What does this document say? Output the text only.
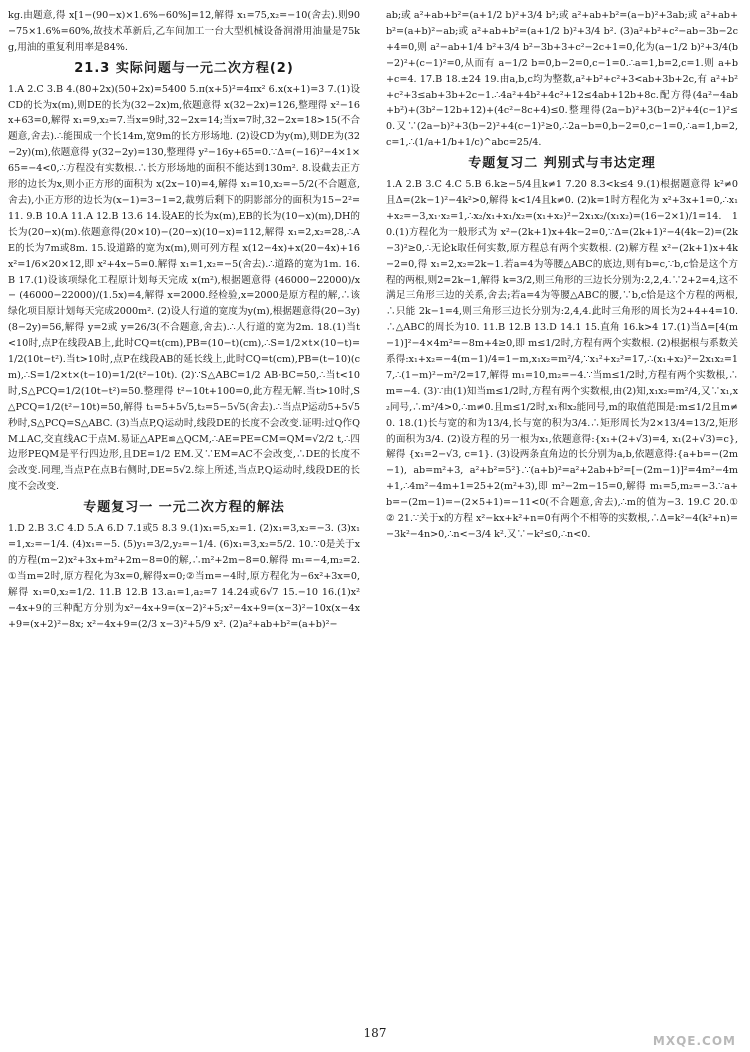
kg.由题意,得 x[1−(90−x)×1.6%−60%]=12,解得 x₁=75,x₂=−10(舍去).则90−75×1.6%=60%,故技术革新后,乙车间加工一台大型机械设备润滑用油量是75kg,用油的重复利用率是84%.

21.3 实际问题与一元二次方程(2)

1.A 2.C 3.B 4.(80+2x)(50+2x)=5400 5.π(x+5)²=4πx² 6.x(x+1)=3 7.(1)设CD的长为x(m),则DE的长为(32−2x)m,依题意得 x(32−2x)=126,整理得 x²−16x+63=0,解得 x₁=9,x₂=7.当x=9时,32−2x=14;当x=7时,32−2x=18>15(不合题意,舍去).∴能围成一个长14m,宽9m的长方形场地. (2)设CD为y(m),则DE为(32−2y)(m),依题意得 y(32−2y)=130,整理得 y²−16y+65=0.∵Δ=(−16)²−4×1×65=−4<0,∴方程没有实数根.∴长方形场地的面积不能达到130m². 8.设截去正方形的边长为x,则小正方形的面积为 x(2x−10)=4,解得 x₁=10,x₂=−5/2(不合题意,舍去),小正方形的边长为(x−1)=3−1=2,裁剪后剩下的阴影部分的面积为15−2²=11. 9.B 10.A 11.A 12.B 13.6 14.设AE的长为x(m),EB的长为(10−x)(m),DH的长为(20−x)(m).依题意得(20×10)−(20−x)(10−x)=112,解得 x₁=2,x₂=28,∴AE的长为7m或8m. 15.设道路的宽为x(m),则可列方程 x(12−4x)+x(20−4x)+16x²=1/6×20×12,即 x²+4x−5=0.解得 x₁=1,x₂=−5(舍去).∴道路的宽为1m. 16.B 17.(1)设该项绿化工程原计划每天完成 x(m²),根据题意得 (46000−22000)/x − (46000−22000)/(1.5x)=4,解得 x=2000.经检验,x=2000是原方程的解,∴该绿化项目原计划每天完成2000m². (2)设人行道的宽度为y(m),根据题意得(20−3y)(8−2y)=56,解得 y=2或 y=26/3(不合题意,舍去).∴人行道的宽为2m. 18.(1)当t<10时,点P在线段AB上,此时CQ=t(cm),PB=(10−t)(cm),∴S=1/2×t×(10−t)=1/2(10t−t²).当t>10时,点P在线段AB的延长线上,此时CQ=t(cm),PB=(t−10)(cm),∴S=1/2×t×(t−10)=1/2(t²−10t). (2)∵S△ABC=1/2 AB·BC=50,∴当t<10时,S△PCQ=1/2(10t−t²)=50.整理得 t²−10t+100=0,此方程无解.当t>10时,S△PCQ=1/2(t²−10t)=50,解得 t₁=5+5√5,t₂=5−5√5(舍去).∴当点P运动5+5√5秒时,S△PCQ=S△ABC. (3)当点P,Q运动时,线段DE的长度不会改变.证明:过Q作QM⊥AC,交直线AC于点M.易证△APE≌△QCM,∴AE=PE=CM=QM=√2/2 t,∴四边形PEQM是平行四边形,且DE=1/2 EM.又∵EM=AC不会改变,∴DE的长度不会改变.同理,当点P在点B右侧时,DE=5√2.综上所述,当点P,Q运动时,线段DE的长度不会改变.

专题复习一 一元二次方程的解法

1.D 2.B 3.C 4.D 5.A 6.D 7.1或5 8.3 9.(1)x₁=5,x₂=1. (2)x₁=3,x₂=−3. (3)x₁=1,x₂=−1/4. (4)x₁=−5. (5)y₁=3/2,y₂=−1/4. (6)x₁=3,x₂=5/2. 10.∵0是关于x的方程(m−2)x²+3x+m²+2m−8=0的解,∴m²+2m−8=0.解得 m₁=−4,m₂=2.①当m=2时,原方程化为3x=0,解得x=0;②当m=−4时,原方程化为−6x²+3x=0,解得 x₁=0,x₂=1/2. 11.B 12.B 13.a₁=1,a₂=7 14.24或6√7 15.−10 16.(1)x²−4x+9的三种配方分别为x²−4x+9=(x−2)²+5;x²−4x+9=(x−3)²−10x(x−4x+9=(x+2)²−8x; x²−4x+9=(2/3 x−3)²+5/9 x². (2)a²+ab+b²=(a+b)²−

ab;或 a²+ab+b²=(a+1/2 b)²+3/4 b²;或 a²+ab+b²=(a−b)²+3ab;或 a²+ab+b²=(a+b)²−ab;或 a²+ab+b²=(a+1/2 b)²+3/4 b². (3)a²+b²+c²−ab−3b−2c+4=0,则 a²−ab+1/4 b²+3/4 b²−3b+3+c²−2c+1=0,化为(a−1/2 b)²+3/4(b−2)²+(c−1)²=0,从而有 a−1/2 b=0,b−2=0,c−1=0.∴a=1,b=2,c=1.则 a+b+c=4. 17.B 18.±24 19.由a,b,c均为整数,a²+b²+c²+3<ab+3b+2c,有 a²+b²+c²+3≤ab+3b+2c−1.∴4a²+4b²+4c²+12≤4ab+12b+8c.配方得(4a²−4ab+b²)+(3b²−12b+12)+(4c²−8c+4)≤0.整理得(2a−b)²+3(b−2)²+4(c−1)²≤0.又∵(2a−b)²+3(b−2)²+4(c−1)²≥0,∴2a−b=0,b−2=0,c−1=0,∴a=1,b=2,c=1,∴(1/a+1/b+1/c)^abc=25/4.

专题复习二 判别式与韦达定理

1.A 2.B 3.C 4.C 5.B 6.k≥−5/4且k≠1 7.20 8.3<k≤4 9.(1)根据题意得 k²≠0且Δ=(2k−1)²−4k²>0,解得 k<1/4且k≠0. (2)k=1时方程化为 x²+3x+1=0,∴x₁+x₂=−3,x₁·x₂=1,∴x₂/x₁+x₁/x₂=(x₁+x₂)²−2x₁x₂/(x₁x₂)=(16−2×1)/1=14. 10.(1)方程化为一般形式为 x²−(2k+1)x+4k−2=0,∵Δ=(2k+1)²−4(4k−2)=(2k−3)²≥0,∴无论k取任何实数,原方程总有两个实数根. (2)解方程 x²−(2k+1)x+4k−2=0,得 x₁=2,x₂=2k−1.若a=4为等腰△ABC的底边,则有b=c,∵b,c恰是这个方程的两根,则2=2k−1,解得 k=3/2,则三角形的三边长分别为:2,2,4.∵2+2=4,这不满足三角形三边的关系,舍去;若a=4为等腰△ABC的腰,∵b,c恰是这个方程的两根,∴只能 2k−1=4,则三角形三边长分别为:2,4,4.此时三角形的周长为2+4+4=10.∴△ABC的周长为10. 11.B 12.B 13.D 14.1 15.直角 16.k>4 17.(1)当Δ=[4(m−1)]²−4×4m²=−8m+4≥0,即 m≤1/2时,方程有两个实数根. (2)根据根与系数关系得:x₁+x₂=−4(m−1)/4=1−m,x₁x₂=m²/4,∵x₁²+x₂²=17,∴(x₁+x₂)²−2x₁x₂=17,∴(1−m)²−m²/2=17,解得 m₁=10,m₂=−4.∵当m≤1/2时,方程有两个实数根,∴m=−4. (3)∵由(1)知当m≤1/2时,方程有两个实数根,由(2)知,x₁x₂=m²/4,又∵x₁,x₂同号,∴m²/4>0,∴m≠0.且m≤1/2时,x₁和x₂能同号,m的取值范围是:m≤1/2且m≠0. 18.(1)长与宽的和为13/4,长与宽的积为3/4.∴矩形周长为2×13/4=13/2,矩形的面积为3/4. (2)设方程的另一根为x₁,依题意得:{x₁+(2+√3)=4, x₁(2+√3)=c},解得 {x₁=2−√3, c=1}. (3)设两条直角边的长分别为a,b,依题意得:{a+b=−(2m−1), ab=m²+3, a²+b²=5²}.∵(a+b)²=a²+2ab+b²=[−(2m−1)]²=4m²−4m+1,∴4m²−4m+1=25+2(m²+3),即 m²−2m−15=0,解得 m₁=5,m₂=−3.∵a+b=−(2m−1)=−(2×5+1)=−11<0(不合题意,舍去),∴m的值为−3. 19.C 20.①② 21.∵关于x的方程 x²−kx+k²+n=0有两个不相等的实数根,∴Δ=k²−4(k²+n)=−3k²−4n>0,∴n<−3/4 k².又∵−k²≤0,∴n<0.

187
MXQE.COM
